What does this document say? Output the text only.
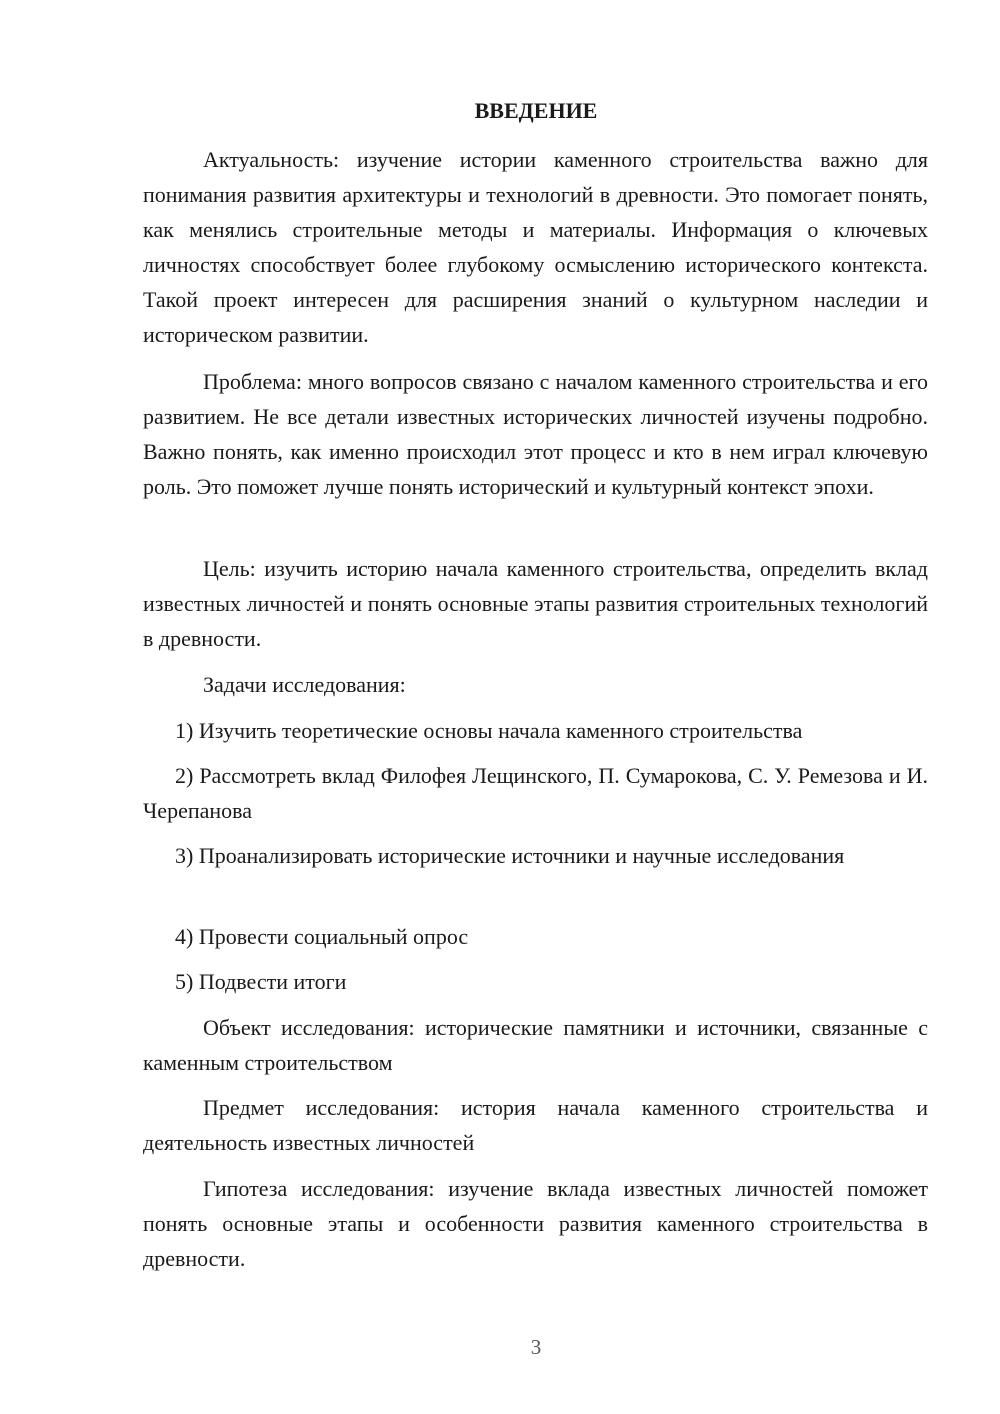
ВВЕДЕНИЕ
Актуальность: изучение истории каменного строительства важно для понимания развития архитектуры и технологий в древности. Это помогает понять, как менялись строительные методы и материалы. Информация о ключевых личностях способствует более глубокому осмыслению исторического контекста. Такой проект интересен для расширения знаний о культурном наследии и историческом развитии.
Проблема: много вопросов связано с началом каменного строительства и его развитием. Не все детали известных исторических личностей изучены подробно. Важно понять, как именно происходил этот процесс и кто в нем играл ключевую роль. Это поможет лучше понять исторический и культурный контекст эпохи.
Цель: изучить историю начала каменного строительства, определить вклад известных личностей и понять основные этапы развития строительных технологий в древности.
Задачи исследования:
1) Изучить теоретические основы начала каменного строительства
2) Рассмотреть вклад Филофея Лещинского, П. Сумарокова, С. У. Ремезова и И. Черепанова
3) Проанализировать исторические источники и научные исследования
4) Провести социальный опрос
5) Подвести итоги
Объект исследования: исторические памятники и источники, связанные с каменным строительством
Предмет исследования: история начала каменного строительства и деятельность известных личностей
Гипотеза исследования: изучение вклада известных личностей поможет понять основные этапы и особенности развития каменного строительства в древности.
3
